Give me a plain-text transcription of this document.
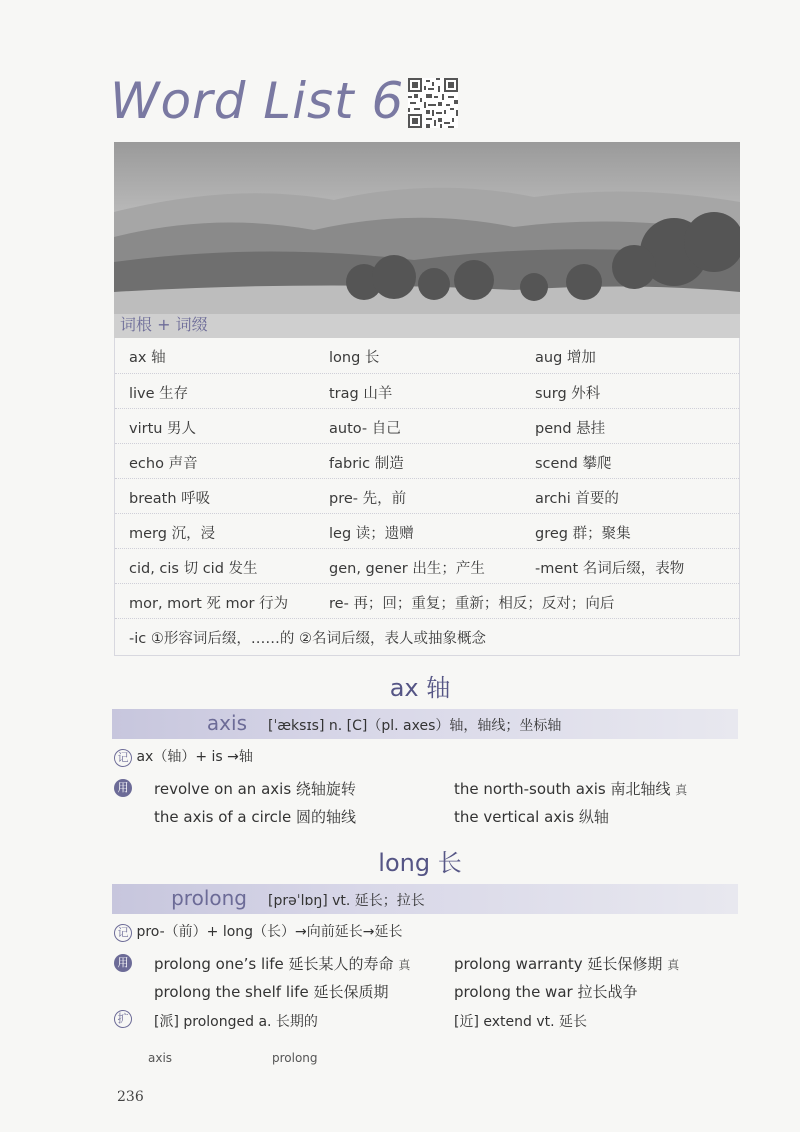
Word List 6
词根 + 词缀
ax 轴	long 长	aug 增加
live 生存	trag 山羊	surg 外科
virtu 男人	auto- 自己	pend 悬挂
echo 声音	fabric 制造	scend 攀爬
breath 呼吸	pre- 先，前	archi 首要的
merg 沉，浸	leg 读；遗赠	greg 群；聚集
cid, cis 切 cid 发生	gen, gener 出生；产生	-ment 名词后缀，表物
mor, mort 死 mor 行为	re- 再；回；重复；重新；相反；反对；向后
-ic ①形容词后缀，……的 ②名词后缀，表人或抽象概念
ax 轴
axis [ˈæksɪs] n. [C]（pl. axes）轴，轴线；坐标轴
记 ax（轴）+ is →轴
用 revolve on an axis 绕轴旋转	the north-south axis 南北轴线 真
the axis of a circle 圆的轴线	the vertical axis 纵轴
long 长
prolong [prəˈlɒŋ] vt. 延长；拉长
记 pro-（前）+ long（长）→向前延长→延长
用 prolong one’s life 延长某人的寿命 真	prolong warranty 延长保修期 真
prolong the shelf life 延长保质期	prolong the war 拉长战争
扩 [派] prolonged a. 长期的	[近] extend vt. 延长
axis	prolong
236
